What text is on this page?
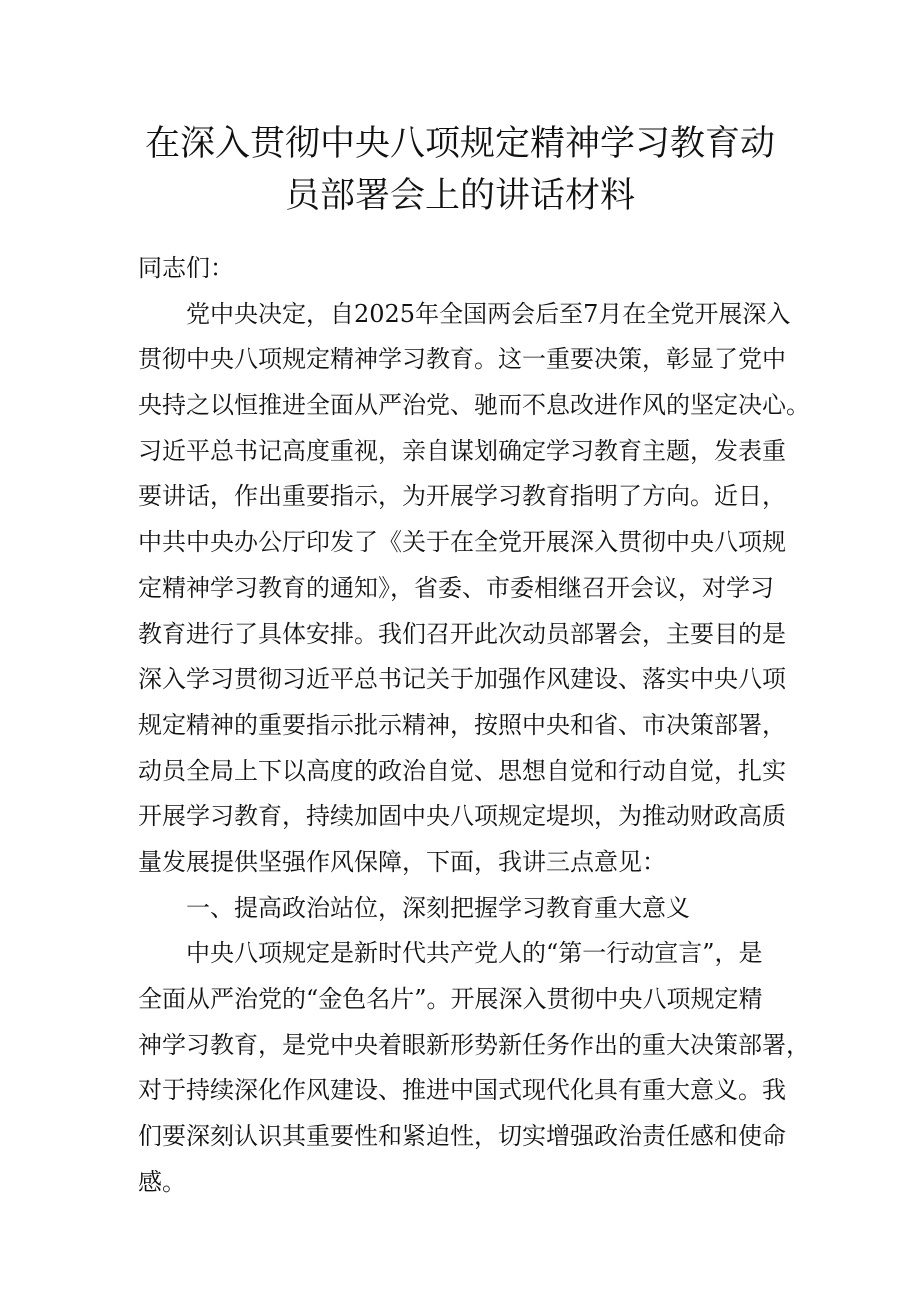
在深入贯彻中央八项规定精神学习教育动
员部署会上的讲话材料
同志们：
党中央决定，自2025年全国两会后至7月在全党开展深入
贯彻中央八项规定精神学习教育。这一重要决策，彰显了党中
央持之以恒推进全面从严治党、驰而不息改进作风的坚定决心。
习近平总书记高度重视，亲自谋划确定学习教育主题，发表重
要讲话，作出重要指示，为开展学习教育指明了方向。近日，
中共中央办公厅印发了《关于在全党开展深入贯彻中央八项规
定精神学习教育的通知》，省委、市委相继召开会议，对学习
教育进行了具体安排。我们召开此次动员部署会，主要目的是
深入学习贯彻习近平总书记关于加强作风建设、落实中央八项
规定精神的重要指示批示精神，按照中央和省、市决策部署，
动员全局上下以高度的政治自觉、思想自觉和行动自觉，扎实
开展学习教育，持续加固中央八项规定堤坝，为推动财政高质
量发展提供坚强作风保障，下面，我讲三点意见：
一、提高政治站位，深刻把握学习教育重大意义
中央八项规定是新时代共产党人的“第一行动宣言”，是
全面从严治党的“金色名片”。开展深入贯彻中央八项规定精
神学习教育，是党中央着眼新形势新任务作出的重大决策部署，
对于持续深化作风建设、推进中国式现代化具有重大意义。我
们要深刻认识其重要性和紧迫性，切实增强政治责任感和使命
感。
